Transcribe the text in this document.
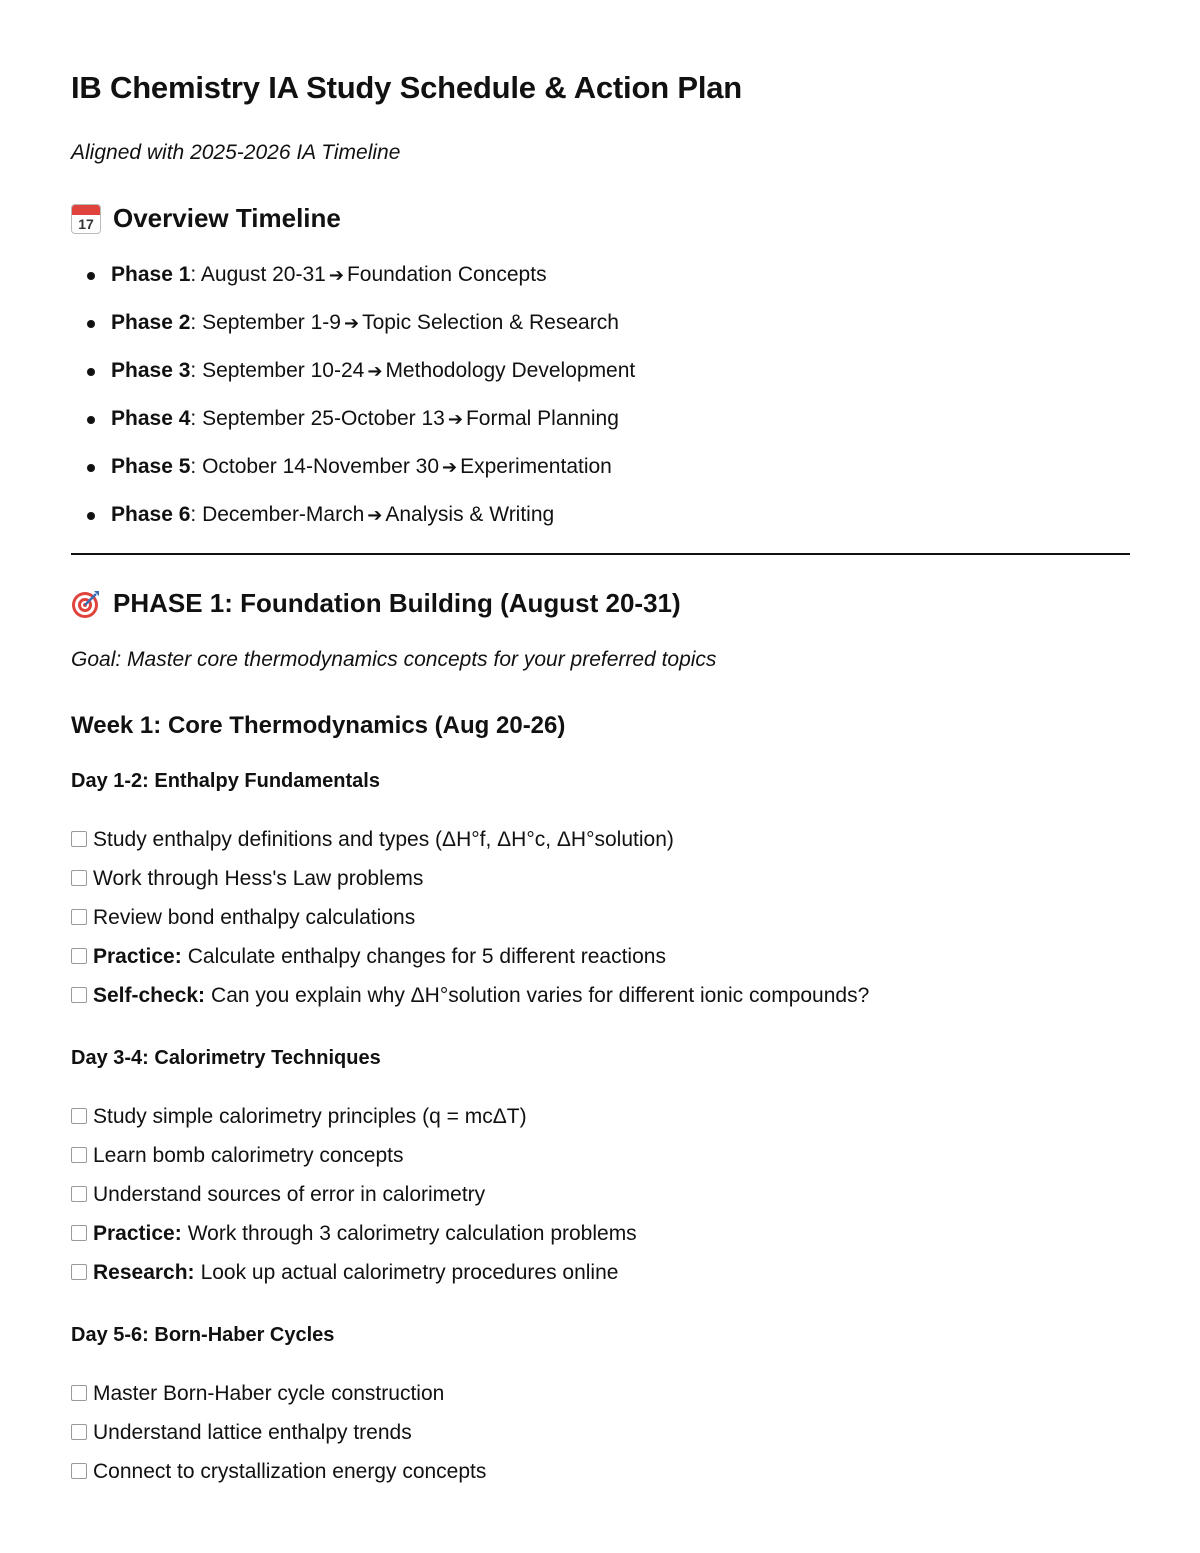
IB Chemistry IA Study Schedule & Action Plan

Aligned with 2025-2026 IA Timeline

17 Overview Timeline
Phase 1: August 20-31 ➔ Foundation Concepts
Phase 2: September 1-9 ➔ Topic Selection & Research
Phase 3: September 10-24 ➔ Methodology Development
Phase 4: September 25-October 13 ➔ Formal Planning
Phase 5: October 14-November 30 ➔ Experimentation
Phase 6: December-March ➔ Analysis & Writing
PHASE 1: Foundation Building (August 20-31)

Goal: Master core thermodynamics concepts for your preferred topics

Week 1: Core Thermodynamics (Aug 20-26)
Day 1-2: Enthalpy Fundamentals
Study enthalpy definitions and types (ΔH°f, ΔH°c, ΔH°solution)
Work through Hess's Law problems
Review bond enthalpy calculations
Practice: Calculate enthalpy changes for 5 different reactions
Self-check: Can you explain why ΔH°solution varies for different ionic compounds?
Day 3-4: Calorimetry Techniques
Study simple calorimetry principles (q = mcΔT)
Learn bomb calorimetry concepts
Understand sources of error in calorimetry
Practice: Work through 3 calorimetry calculation problems
Research: Look up actual calorimetry procedures online
Day 5-6: Born-Haber Cycles
Master Born-Haber cycle construction
Understand lattice enthalpy trends
Connect to crystallization energy concepts
